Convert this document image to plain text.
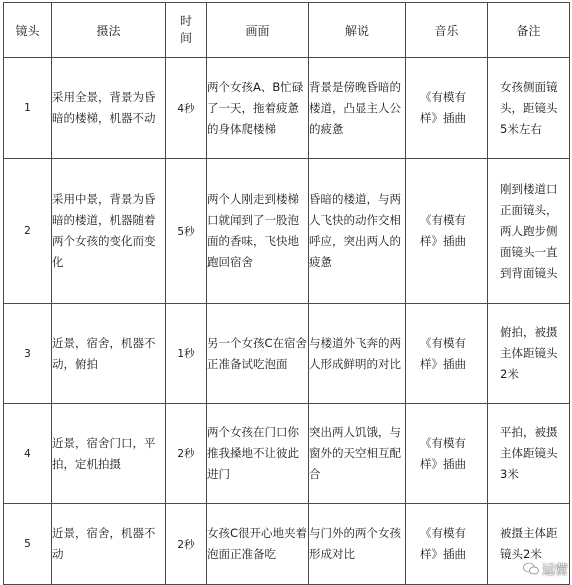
镜头	摄法	时间	画面	解说	音乐	备注
1	采用全景，背景为昏暗的楼梯，机器不动	4秒	两个女孩A、B忙碌了一天，拖着疲惫的身体爬楼梯	背景是傍晚昏暗的楼道，凸显主人公的疲惫	《有模有样》插曲	女孩侧面镜头，距镜头5米左右
2	采用中景，背景为昏暗的楼道，机器随着两个女孩的变化而变化	5秒	两个人刚走到楼梯口就闻到了一股泡面的香味，飞快地跑回宿舍	昏暗的楼道，与两人飞快的动作交相呼应，突出两人的疲惫	《有模有样》插曲	刚到楼道口正面镜头，两人跑步侧面镜头一直到背面镜头
3	近景，宿舍，机器不动，俯拍	1秒	另一个女孩C在宿舍正准备试吃泡面	与楼道外飞奔的两人形成鲜明的对比	《有模有样》插曲	俯拍，被摄主体距镜头2米
4	近景，宿舍门口，平拍，定机拍摄	2秒	两个女孩在门口你推我搡地不让彼此进门	突出两人饥饿，与窗外的天空相互配合	《有模有样》插曲	平拍，被摄主体距镜头3米
5	近景，宿舍，机器不动	2秒	女孩C很开心地夹着泡面正准备吃	与门外的两个女孩形成对比	《有模有样》插曲	被摄主体距镜头2米
运营
